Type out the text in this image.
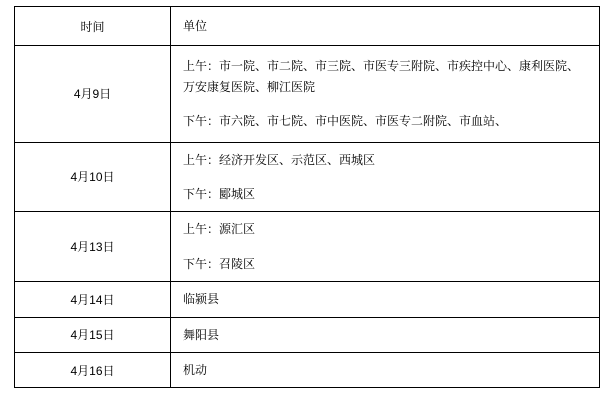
时间	单位

4月9日	上午：市一院、市二院、市三院、市医专三附院、市疾控中心、康利医院、
万安康复医院、柳江医院
下午：市六院、市七院、市中医院、市医专二附院、市血站、

4月10日	上午：经济开发区、示范区、西城区
下午：郾城区

4月13日	上午：源汇区
下午：召陵区

4月14日	临颍县

4月15日	舞阳县

4月16日	机动
